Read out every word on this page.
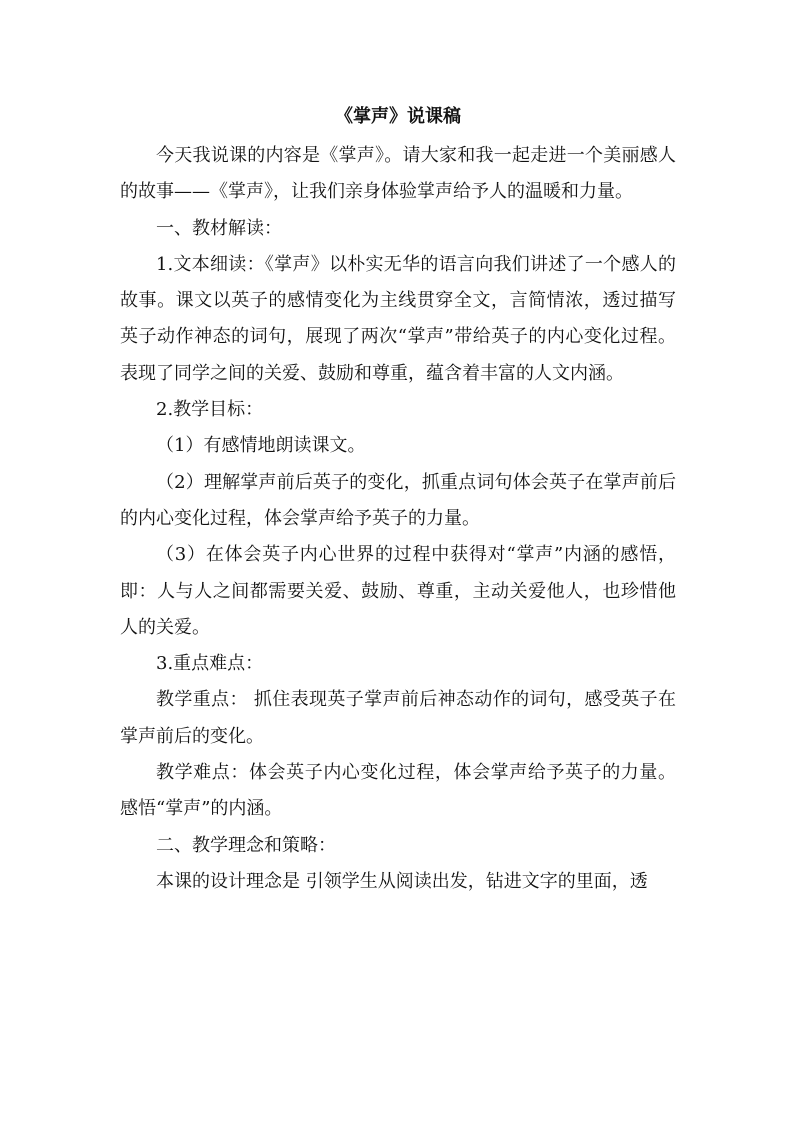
《掌声》说课稿

今天我说课的内容是《掌声》。请大家和我一起走进一个美丽感人的故事——《掌声》，让我们亲身体验掌声给予人的温暖和力量。

一、教材解读：

1.文本细读：《掌声》以朴实无华的语言向我们讲述了一个感人的故事。课文以英子的感情变化为主线贯穿全文，言简情浓，透过描写英子动作神态的词句，展现了两次“掌声”带给英子的内心变化过程。表现了同学之间的关爱、鼓励和尊重，蕴含着丰富的人文内涵。

2.教学目标：

（1）有感情地朗读课文。

（2）理解掌声前后英子的变化，抓重点词句体会英子在掌声前后的内心变化过程，体会掌声给予英子的力量。

（3）在体会英子内心世界的过程中获得对“掌声”内涵的感悟，即：人与人之间都需要关爱、鼓励、尊重，主动关爱他人，也珍惜他人的关爱。

3.重点难点：

教学重点： 抓住表现英子掌声前后神态动作的词句，感受英子在掌声前后的变化。

教学难点：体会英子内心变化过程，体会掌声给予英子的力量。感悟“掌声”的内涵。

二、教学理念和策略：

本课的设计理念是 引领学生从阅读出发，钻进文字的里面，透
